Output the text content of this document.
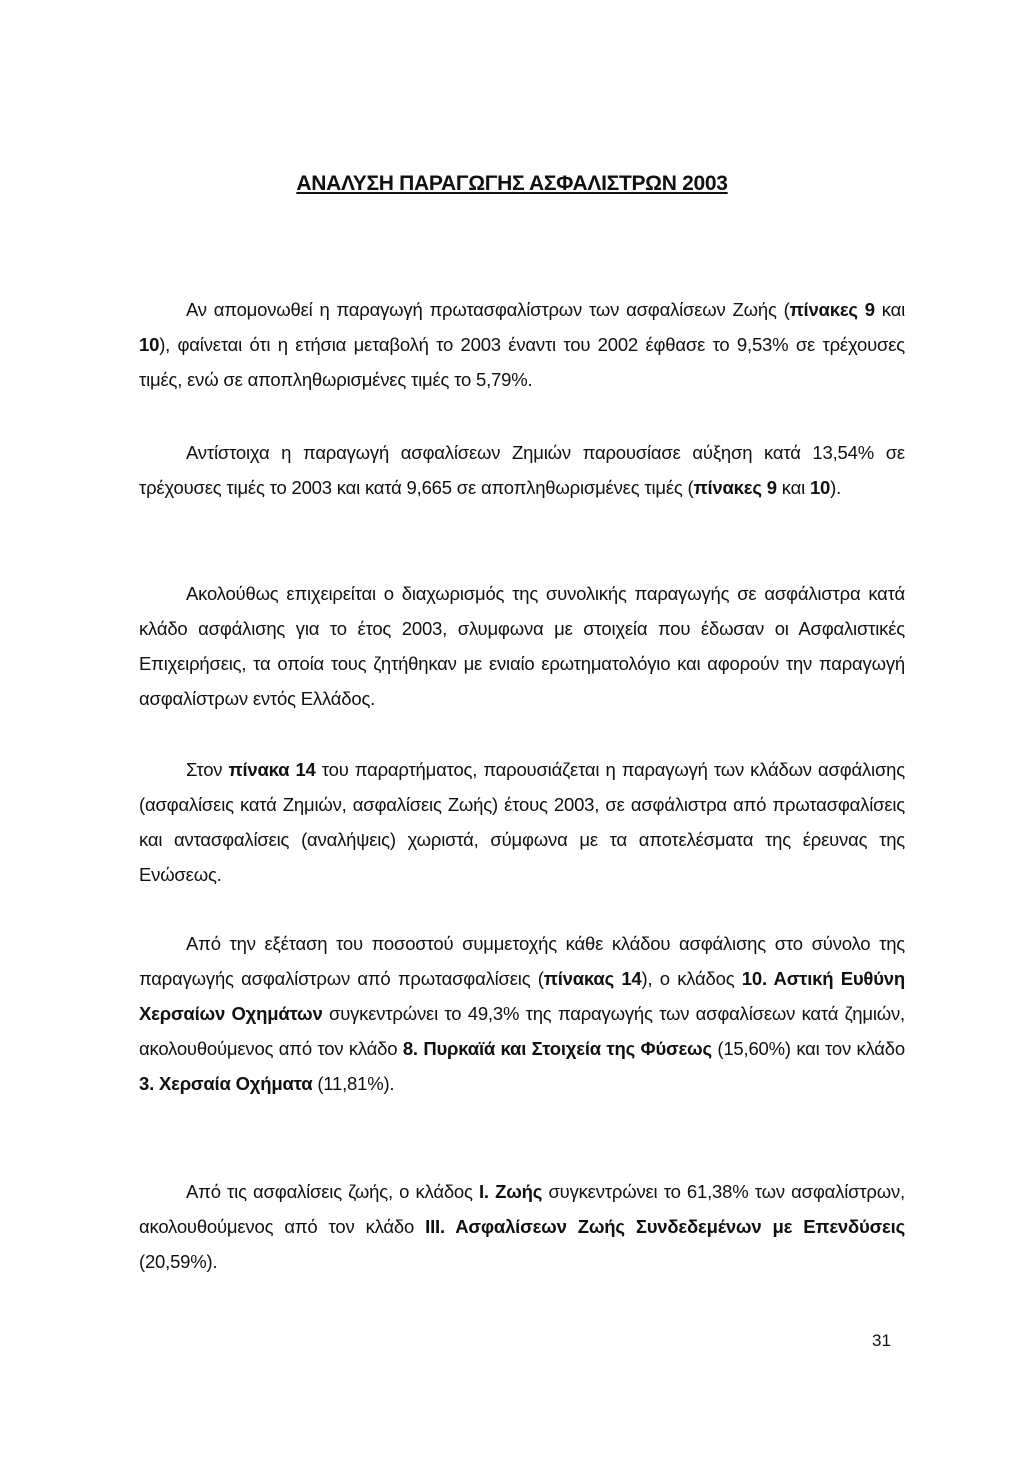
ΑΝΑΛΥΣΗ ΠΑΡΑΓΩΓΗΣ ΑΣΦΑΛΙΣΤΡΩΝ 2003

Αν απομονωθεί η παραγωγή πρωτασφαλίστρων των ασφαλίσεων Ζωής (πίνακες 9 και 10), φαίνεται ότι η ετήσια μεταβολή το 2003 έναντι του 2002 έφθασε το 9,53% σε τρέχουσες τιμές, ενώ σε αποπληθωρισμένες τιμές το 5,79%.

Αντίστοιχα η παραγωγή ασφαλίσεων Ζημιών παρουσίασε αύξηση κατά 13,54% σε τρέχουσες τιμές το 2003 και κατά 9,665 σε αποπληθωρισμένες τιμές (πίνακες 9 και 10).

Ακολούθως επιχειρείται ο διαχωρισμός της συνολικής παραγωγής σε ασφάλιστρα κατά κλάδο ασφάλισης για το έτος 2003, σλυμφωνα με στοιχεία που έδωσαν οι Ασφαλιστικές Επιχειρήσεις, τα οποία τους ζητήθηκαν με ενιαίο ερωτηματολόγιο και αφορούν την παραγωγή ασφαλίστρων εντός Ελλάδος.

Στον πίνακα 14 του παραρτήματος, παρουσιάζεται η παραγωγή των κλάδων ασφάλισης (ασφαλίσεις κατά Ζημιών, ασφαλίσεις Ζωής) έτους 2003, σε ασφάλιστρα από πρωτασφαλίσεις και αντασφαλίσεις (αναλήψεις) χωριστά, σύμφωνα με τα αποτελέσματα της έρευνας της Ενώσεως.

Από την εξέταση του ποσοστού συμμετοχής κάθε κλάδου ασφάλισης στο σύνολο της παραγωγής ασφαλίστρων από πρωτασφαλίσεις (πίνακας 14), ο κλάδος 10. Αστική Ευθύνη Χερσαίων Οχημάτων συγκεντρώνει το 49,3% της παραγωγής των ασφαλίσεων κατά ζημιών, ακολουθούμενος από τον κλάδο 8. Πυρκαϊά και Στοιχεία της Φύσεως (15,60%) και τον κλάδο 3. Χερσαία Οχήματα (11,81%).

Από τις ασφαλίσεις ζωής, ο κλάδος Ι. Ζωής συγκεντρώνει το 61,38% των ασφαλίστρων, ακολουθούμενος από τον κλάδο ΙΙΙ. Ασφαλίσεων Ζωής Συνδεδεμένων με Επενδύσεις (20,59%).

31
